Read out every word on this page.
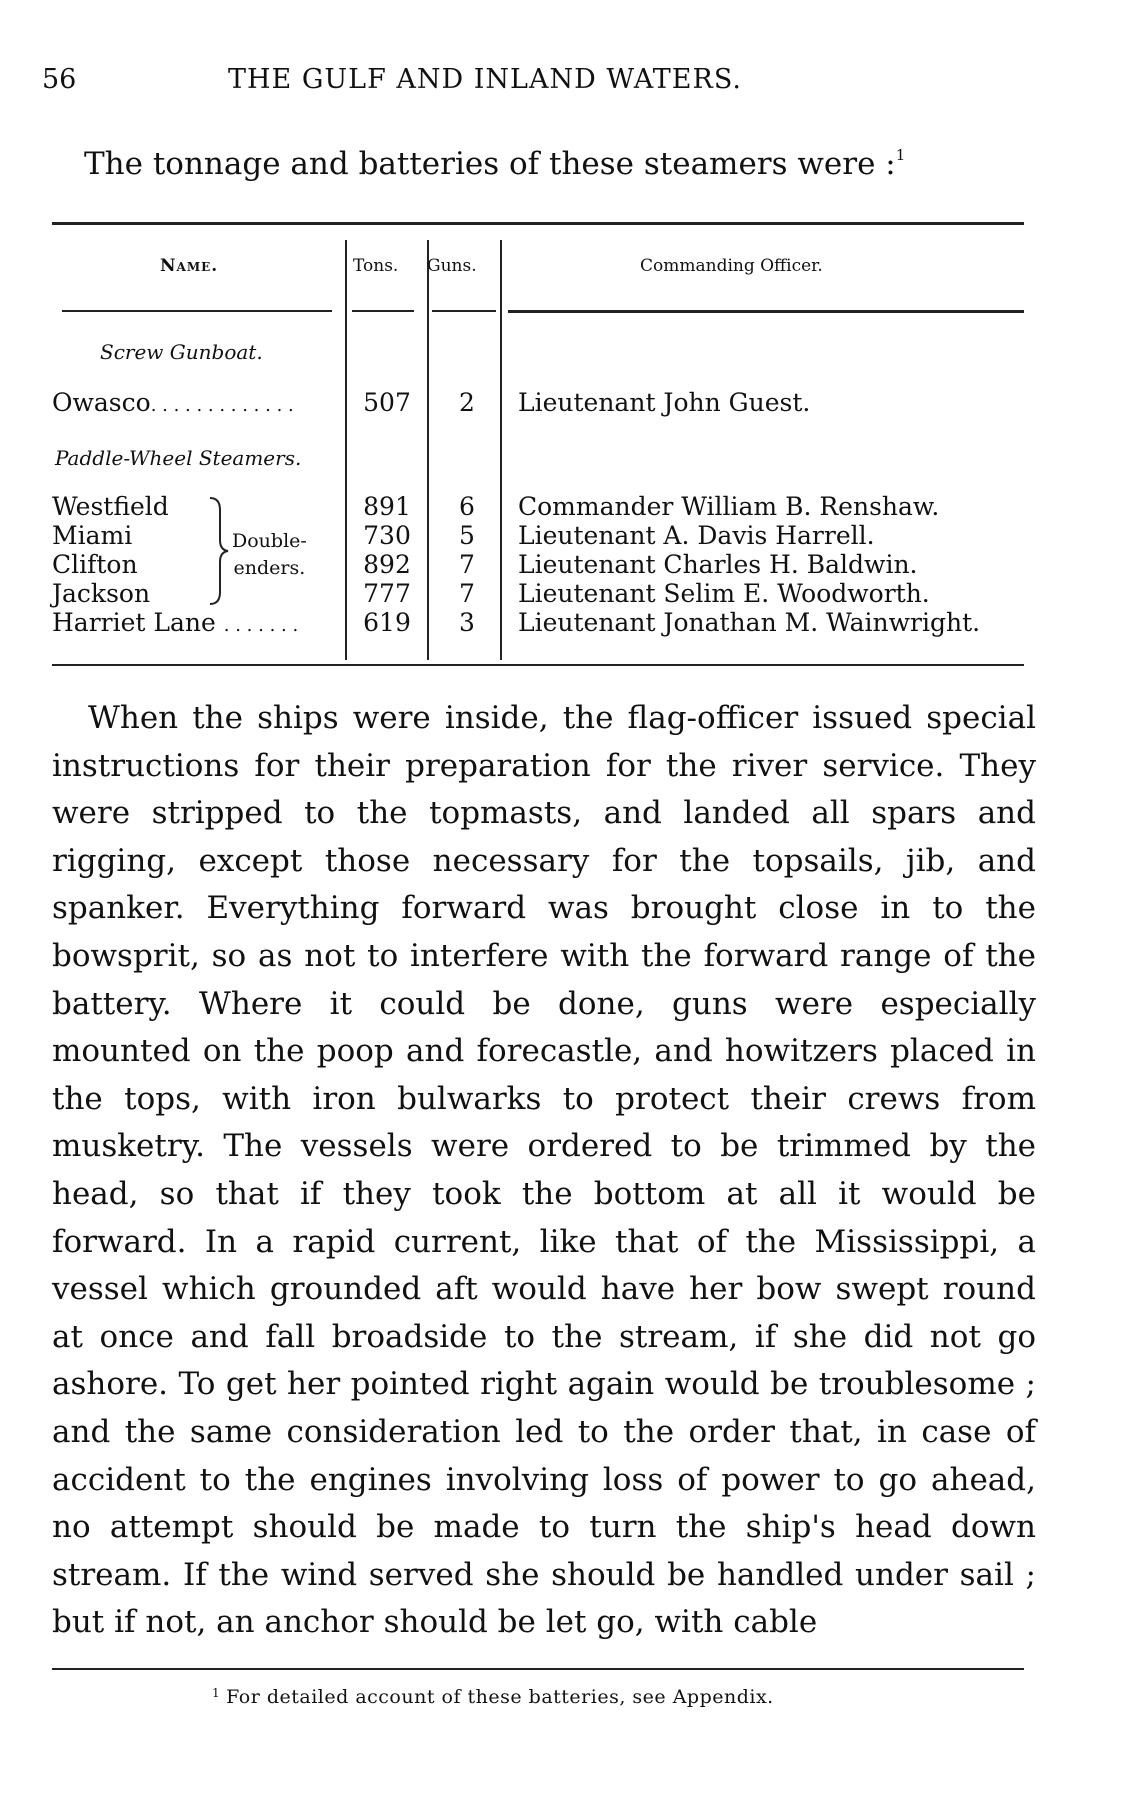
56	THE GULF AND INLAND WATERS.
The tonnage and batteries of these steamers were :$^1$
Name.	Tons. Guns.	Commanding Officer.
Screw Gunboat.
Paddle-Wheel Steamers.
Owasco. . . . . . . . . . . . .	507	2	Lieutenant John Guest.
Westfield	891	6	Commander William B. Renshaw.
Miami	730	5	Lieutenant A. Davis Harrell.
Clifton	892	7	Lieutenant Charles H. Baldwin.
Jackson	777	7	Lieutenant Selim E. Woodworth.
Harriet Lane . . . . . . .	619	3	Lieutenant Jonathan M. Wainwright.
Double-
enders.
When the ships were inside, the flag-officer issued special instructions for their preparation for the river service. They were stripped to the topmasts, and landed all spars and rigging, except those necessary for the topsails, jib, and spanker. Everything forward was brought close in to the bowsprit, so as not to interfere with the forward range of the battery. Where it could be done, guns were especially mounted on the poop and forecastle, and howitzers placed in the tops, with iron bulwarks to protect their crews from musketry. The vessels were ordered to be trimmed by the head, so that if they took the bottom at all it would be forward. In a rapid current, like that of the Mississippi, a vessel which grounded aft would have her bow swept round at once and fall broadside to the stream, if she did not go ashore. To get her pointed right again would be troublesome ; and the same consideration led to the order that, in case of accident to the engines involving loss of power to go ahead, no attempt should be made to turn the ship's head down stream. If the wind served she should be handled under sail ; but if not, an anchor should be let go, with cable
$^1$ For detailed account of these batteries, see Appendix.
